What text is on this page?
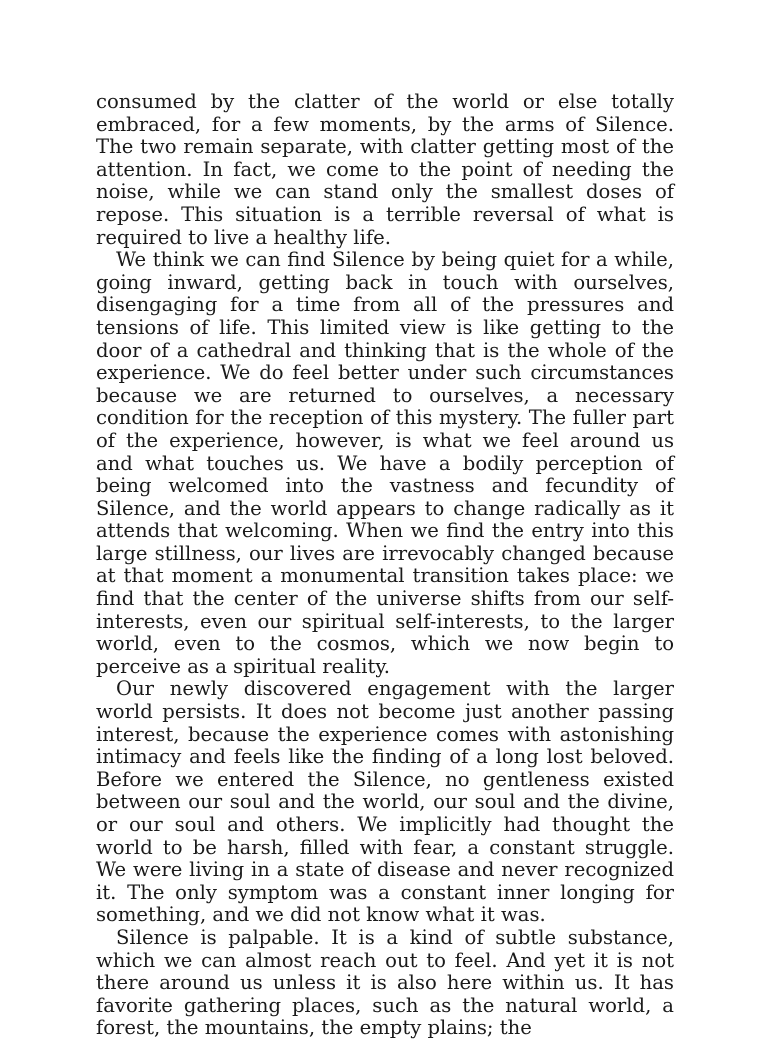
consumed by the clatter of the world or else totally embraced, for a few moments, by the arms of Silence. The two remain separate, with clatter getting most of the attention. In fact, we come to the point of needing the noise, while we can stand only the smallest doses of repose. This situation is a terrible reversal of what is required to live a healthy life.

We think we can find Silence by being quiet for a while, going inward, getting back in touch with ourselves, disengaging for a time from all of the pressures and tensions of life. This limited view is like getting to the door of a cathedral and thinking that is the whole of the experience. We do feel better under such circumstances because we are returned to ourselves, a necessary condition for the reception of this mystery. The fuller part of the experience, however, is what we feel around us and what touches us. We have a bodily perception of being welcomed into the vastness and fecundity of Silence, and the world appears to change radically as it attends that welcoming. When we find the entry into this large stillness, our lives are irrevocably changed because at that moment a monumental transition takes place: we find that the center of the universe shifts from our self-interests, even our spiritual self-interests, to the larger world, even to the cosmos, which we now begin to perceive as a spiritual reality.

Our newly discovered engagement with the larger world persists. It does not become just another passing interest, because the experience comes with astonishing intimacy and feels like the finding of a long lost beloved. Before we entered the Silence, no gentleness existed between our soul and the world, our soul and the divine, or our soul and others. We implicitly had thought the world to be harsh, filled with fear, a constant struggle. We were living in a state of disease and never recognized it. The only symptom was a constant inner longing for something, and we did not know what it was.

Silence is palpable. It is a kind of subtle substance, which we can almost reach out to feel. And yet it is not there around us unless it is also here within us. It has favorite gathering places, such as the natural world, a forest, the mountains, the empty plains; the
